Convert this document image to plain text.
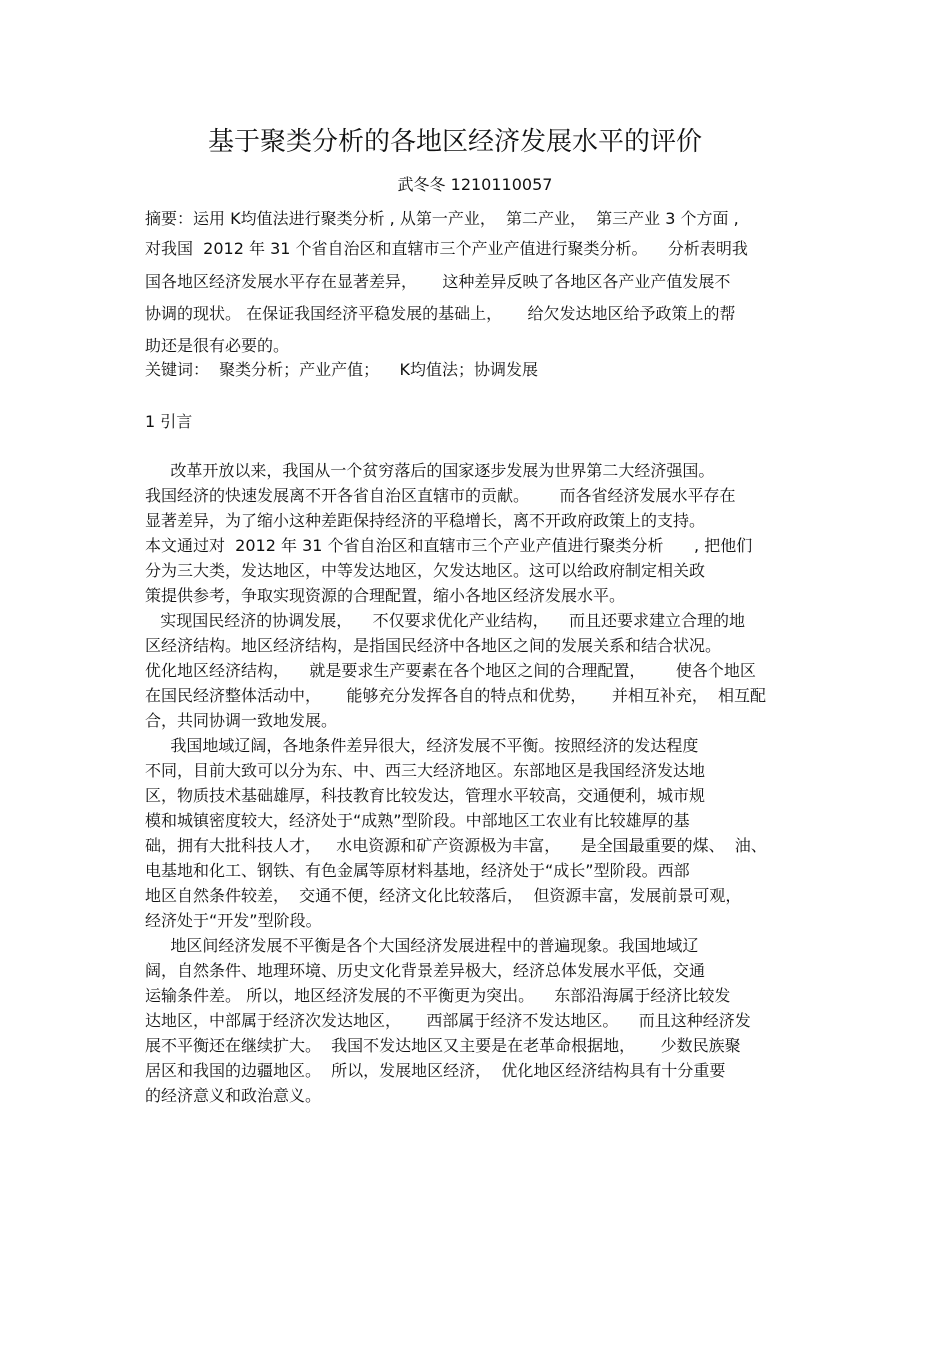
基于聚类分析的各地区经济发展水平的评价
武冬冬 1210110057
摘要：运用 K均值法进行聚类分析 , 从第一产业，  第二产业，  第三产业 3 个方面 ,
对我国  2012 年 31 个省自治区和直辖市三个产业产值进行聚类分析。    分析表明我
国各地区经济发展水平存在显著差异，     这种差异反映了各地区各产业产值发展不
协调的现状。 在保证我国经济平稳发展的基础上，     给欠发达地区给予政策上的帮
助还是很有必要的。
关键词：  聚类分析；产业产值；    K均值法；协调发展
1 引言
改革开放以来，我国从一个贫穷落后的国家逐步发展为世界第二大经济强国。
我国经济的快速发展离不开各省自治区直辖市的贡献。      而各省经济发展水平存在
显著差异，为了缩小这种差距保持经济的平稳增长，离不开政府政策上的支持。
本文通过对  2012 年 31 个省自治区和直辖市三个产业产值进行聚类分析      , 把他们
分为三大类，发达地区，中等发达地区，欠发达地区。这可以给政府制定相关政
策提供参考，争取实现资源的合理配置，缩小各地区经济发展水平。
实现国民经济的协调发展，    不仅要求优化产业结构，    而且还要求建立合理的地
区经济结构。地区经济结构，是指国民经济中各地区之间的发展关系和结合状况。
优化地区经济结构，    就是要求生产要素在各个地区之间的合理配置，      使各个地区
在国民经济整体活动中，     能够充分发挥各自的特点和优势，     并相互补充，  相互配
合，共同协调一致地发展。
我国地域辽阔，各地条件差异很大，经济发展不平衡。按照经济的发达程度
不同，目前大致可以分为东、中、西三大经济地区。东部地区是我国经济发达地
区，物质技术基础雄厚，科技教育比较发达，管理水平较高，交通便利，城市规
模和城镇密度较大，经济处于“成熟”型阶段。中部地区工农业有比较雄厚的基
础，拥有大批科技人才，   水电资源和矿产资源极为丰富，    是全国最重要的煤、  油、
电基地和化工、钢铁、有色金属等原材料基地，经济处于“成长”型阶段。西部
地区自然条件较差，  交通不便，经济文化比较落后，  但资源丰富，发展前景可观，
经济处于“开发”型阶段。
地区间经济发展不平衡是各个大国经济发展进程中的普遍现象。我国地域辽
阔，自然条件、地理环境、历史文化背景差异极大，经济总体发展水平低，交通
运输条件差。 所以，地区经济发展的不平衡更为突出。    东部沿海属于经济比较发
达地区，中部属于经济次发达地区，     西部属于经济不发达地区。    而且这种经济发
展不平衡还在继续扩大。  我国不发达地区又主要是在老革命根据地，     少数民族聚
居区和我国的边疆地区。  所以，发展地区经济，  优化地区经济结构具有十分重要
的经济意义和政治意义。
